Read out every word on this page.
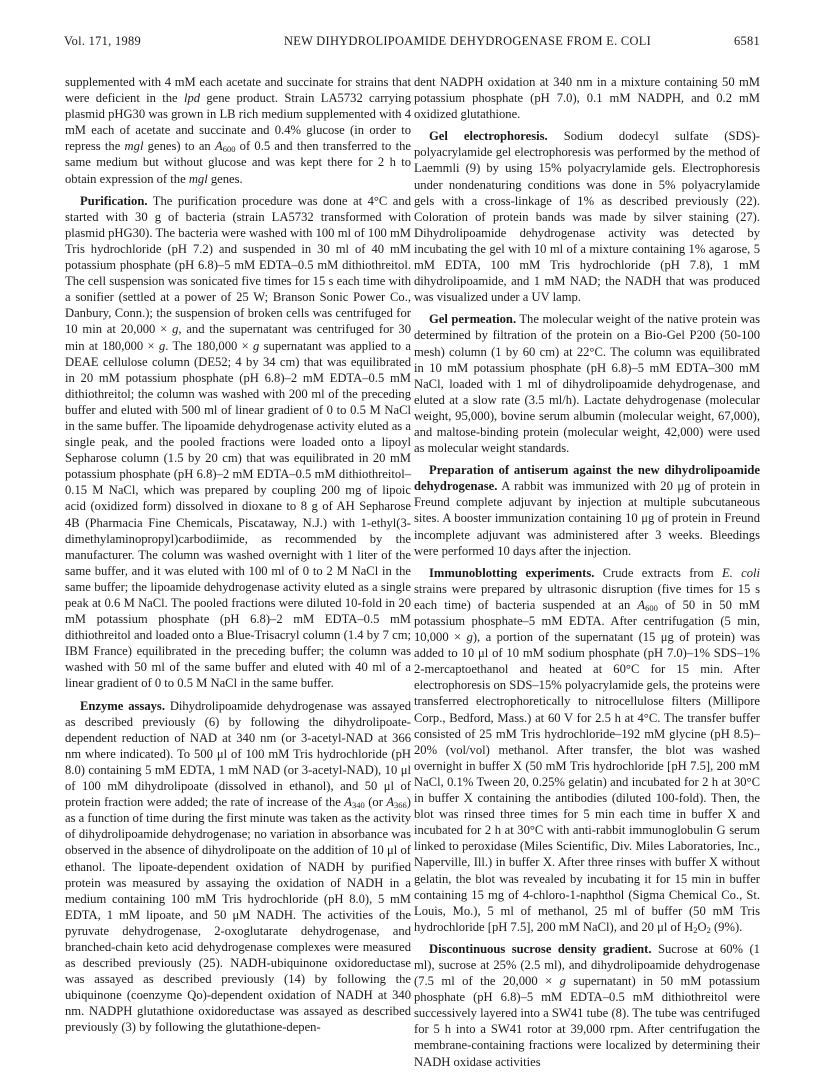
Vol. 171, 1989	NEW DIHYDROLIPOAMIDE DEHYDROGENASE FROM E. COLI	6581

supplemented with 4 mM each acetate and succinate for strains that were deficient in the lpd gene product. Strain LA5732 carrying plasmid pHG30 was grown in LB rich medium supplemented with 4 mM each of acetate and succinate and 0.4% glucose (in order to repress the mgl genes) to an $A_{600}$ of 0.5 and then transferred to the same medium but without glucose and was kept there for 2 h to obtain expression of the mgl genes.

Purification. The purification procedure was done at 4°C and started with 30 g of bacteria (strain LA5732 transformed with plasmid pHG30). The bacteria were washed with 100 ml of 100 mM Tris hydrochloride (pH 7.2) and suspended in 30 ml of 40 mM potassium phosphate (pH 6.8)–5 mM EDTA–0.5 mM dithiothreitol. The cell suspension was sonicated five times for 15 s each time with a sonifier (settled at a power of 25 W; Branson Sonic Power Co., Danbury, Conn.); the suspension of broken cells was centrifuged for 10 min at 20,000 × g, and the supernatant was centrifuged for 30 min at 180,000 × g. The 180,000 × g supernatant was applied to a DEAE cellulose column (DE52; 4 by 34 cm) that was equilibrated in 20 mM potassium phosphate (pH 6.8)–2 mM EDTA–0.5 mM dithiothreitol; the column was washed with 200 ml of the preceding buffer and eluted with 500 ml of linear gradient of 0 to 0.5 M NaCl in the same buffer. The lipoamide dehydrogenase activity eluted as a single peak, and the pooled fractions were loaded onto a lipoyl Sepharose column (1.5 by 20 cm) that was equilibrated in 20 mM potassium phosphate (pH 6.8)–2 mM EDTA–0.5 mM dithiothreitol–0.15 M NaCl, which was prepared by coupling 200 mg of lipoic acid (oxidized form) dissolved in dioxane to 8 g of AH Sepharose 4B (Pharmacia Fine Chemicals, Piscataway, N.J.) with 1-ethyl(3-dimethylaminopropyl)carbodiimide, as recommended by the manufacturer. The column was washed overnight with 1 liter of the same buffer, and it was eluted with 100 ml of 0 to 2 M NaCl in the same buffer; the lipoamide dehydrogenase activity eluted as a single peak at 0.6 M NaCl. The pooled fractions were diluted 10-fold in 20 mM potassium phosphate (pH 6.8)–2 mM EDTA–0.5 mM dithiothreitol and loaded onto a Blue-Trisacryl column (1.4 by 7 cm; IBM France) equilibrated in the preceding buffer; the column was washed with 50 ml of the same buffer and eluted with 40 ml of a linear gradient of 0 to 0.5 M NaCl in the same buffer.

Enzyme assays. Dihydrolipoamide dehydrogenase was assayed as described previously (6) by following the dihydrolipoate-dependent reduction of NAD at 340 nm (or 3-acetyl-NAD at 366 nm where indicated). To 500 μl of 100 mM Tris hydrochloride (pH 8.0) containing 5 mM EDTA, 1 mM NAD (or 3-acetyl-NAD), 10 μl of 100 mM dihydrolipoate (dissolved in ethanol), and 50 μl of protein fraction were added; the rate of increase of the $A_{340}$ (or $A_{366}$) as a function of time during the first minute was taken as the activity of dihydrolipoamide dehydrogenase; no variation in absorbance was observed in the absence of dihydrolipoate on the addition of 10 μl of ethanol. The lipoate-dependent oxidation of NADH by purified protein was measured by assaying the oxidation of NADH in a medium containing 100 mM Tris hydrochloride (pH 8.0), 5 mM EDTA, 1 mM lipoate, and 50 μM NADH. The activities of the pyruvate dehydrogenase, 2-oxoglutarate dehydrogenase, and branched-chain keto acid dehydrogenase complexes were measured as described previously (25). NADH-ubiquinone oxidoreductase was assayed as described previously (14) by following the ubiquinone (coenzyme Qo)-dependent oxidation of NADH at 340 nm. NADPH glutathione oxidoreductase was assayed as described previously (3) by following the glutathione-depen-

dent NADPH oxidation at 340 nm in a mixture containing 50 mM potassium phosphate (pH 7.0), 0.1 mM NADPH, and 0.2 mM oxidized glutathione.

Gel electrophoresis. Sodium dodecyl sulfate (SDS)-polyacrylamide gel electrophoresis was performed by the method of Laemmli (9) by using 15% polyacrylamide gels. Electrophoresis under nondenaturing conditions was done in 5% polyacrylamide gels with a cross-linkage of 1% as described previously (22). Coloration of protein bands was made by silver staining (27). Dihydrolipoamide dehydrogenase activity was detected by incubating the gel with 10 ml of a mixture containing 1% agarose, 5 mM EDTA, 100 mM Tris hydrochloride (pH 7.8), 1 mM dihydrolipoamide, and 1 mM NAD; the NADH that was produced was visualized under a UV lamp.

Gel permeation. The molecular weight of the native protein was determined by filtration of the protein on a Bio-Gel P200 (50-100 mesh) column (1 by 60 cm) at 22°C. The column was equilibrated in 10 mM potassium phosphate (pH 6.8)–5 mM EDTA–300 mM NaCl, loaded with 1 ml of dihydrolipoamide dehydrogenase, and eluted at a slow rate (3.5 ml/h). Lactate dehydrogenase (molecular weight, 95,000), bovine serum albumin (molecular weight, 67,000), and maltose-binding protein (molecular weight, 42,000) were used as molecular weight standards.

Preparation of antiserum against the new dihydrolipoamide dehydrogenase. A rabbit was immunized with 20 μg of protein in Freund complete adjuvant by injection at multiple subcutaneous sites. A booster immunization containing 10 μg of protein in Freund incomplete adjuvant was administered after 3 weeks. Bleedings were performed 10 days after the injection.

Immunoblotting experiments. Crude extracts from E. coli strains were prepared by ultrasonic disruption (five times for 15 s each time) of bacteria suspended at an $A_{600}$ of 50 in 50 mM potassium phosphate–5 mM EDTA. After centrifugation (5 min, 10,000 × g), a portion of the supernatant (15 μg of protein) was added to 10 μl of 10 mM sodium phosphate (pH 7.0)–1% SDS–1% 2-mercaptoethanol and heated at 60°C for 15 min. After electrophoresis on SDS–15% polyacrylamide gels, the proteins were transferred electrophoretically to nitrocellulose filters (Millipore Corp., Bedford, Mass.) at 60 V for 2.5 h at 4°C. The transfer buffer consisted of 25 mM Tris hydrochloride–192 mM glycine (pH 8.5)–20% (vol/vol) methanol. After transfer, the blot was washed overnight in buffer X (50 mM Tris hydrochloride [pH 7.5], 200 mM NaCl, 0.1% Tween 20, 0.25% gelatin) and incubated for 2 h at 30°C in buffer X containing the antibodies (diluted 100-fold). Then, the blot was rinsed three times for 5 min each time in buffer X and incubated for 2 h at 30°C with anti-rabbit immunoglobulin G serum linked to peroxidase (Miles Scientific, Div. Miles Laboratories, Inc., Naperville, Ill.) in buffer X. After three rinses with buffer X without gelatin, the blot was revealed by incubating it for 15 min in buffer containing 15 mg of 4-chloro-1-naphthol (Sigma Chemical Co., St. Louis, Mo.), 5 ml of methanol, 25 ml of buffer (50 mM Tris hydrochloride [pH 7.5], 200 mM NaCl), and 20 μl of $H_2O_2$ (9%).

Discontinuous sucrose density gradient. Sucrose at 60% (1 ml), sucrose at 25% (2.5 ml), and dihydrolipoamide dehydrogenase (7.5 ml of the 20,000 × g supernatant) in 50 mM potassium phosphate (pH 6.8)–5 mM EDTA–0.5 mM dithiothreitol were successively layered into a SW41 tube (8). The tube was centrifuged for 5 h into a SW41 rotor at 39,000 rpm. After centrifugation the membrane-containing fractions were localized by determining their NADH oxidase activities
